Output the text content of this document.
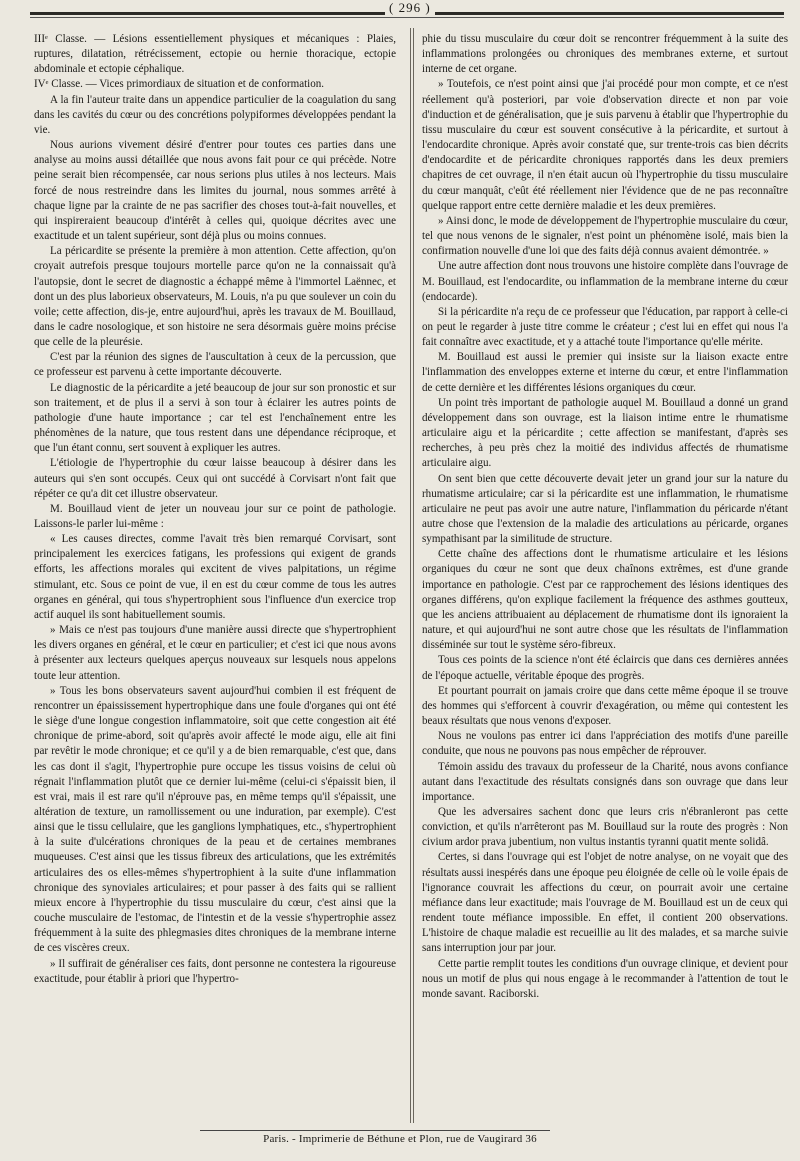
( 296 )

IIIᵉ Classe. — Lésions essentiellement physiques et mécaniques : Plaies, ruptures, dilatation, rétrécissement, ectopie ou hernie thoracique, ectopie abdominale et ectopie céphalique.

IVᵉ Classe. — Vices primordiaux de situation et de conformation.

A la fin l'auteur traite dans un appendice particulier de la coagulation du sang dans les cavités du cœur ou des concrétions polypiformes développées pendant la vie.

Nous aurions vivement désiré d'entrer pour toutes ces parties dans une analyse au moins aussi détaillée que nous avons fait pour ce qui précède. Notre peine serait bien récompensée, car nous serions plus utiles à nos lecteurs. Mais forcé de nous restreindre dans les limites du journal, nous sommes arrêté à chaque ligne par la crainte de ne pas sacrifier des choses tout-à-fait nouvelles, et qui inspireraient beaucoup d'intérêt à celles qui, quoique décrites avec une exactitude et un talent supérieur, sont déjà plus ou moins connues.

La péricardite se présente la première à mon attention. Cette affection, qu'on croyait autrefois presque toujours mortelle parce qu'on ne la connaissait qu'à l'autopsie, dont le secret de diagnostic a échappé même à l'immortel Laënnec, et dont un des plus laborieux observateurs, M. Louis, n'a pu que soulever un coin du voile; cette affection, dis-je, entre aujourd'hui, après les travaux de M. Bouillaud, dans le cadre nosologique, et son histoire ne sera désormais guère moins précise que celle de la pleurésie.

C'est par la réunion des signes de l'auscultation à ceux de la percussion, que ce professeur est parvenu à cette importante découverte.

Le diagnostic de la péricardite a jeté beaucoup de jour sur son pronostic et sur son traitement, et de plus il a servi à son tour à éclairer les autres points de pathologie d'une haute importance ; car tel est l'enchaînement entre les phénomènes de la nature, que tous restent dans une dépendance réciproque, et que l'un étant connu, sert souvent à expliquer les autres.

L'étiologie de l'hypertrophie du cœur laisse beaucoup à désirer dans les auteurs qui s'en sont occupés. Ceux qui ont succédé à Corvisart n'ont fait que répéter ce qu'a dit cet illustre observateur.

M. Bouillaud vient de jeter un nouveau jour sur ce point de pathologie. Laissons-le parler lui-même :

« Les causes directes, comme l'avait très bien remarqué Corvisart, sont principalement les exercices fatigans, les professions qui exigent de grands efforts, les affections morales qui excitent de vives palpitations, un régime stimulant, etc. Sous ce point de vue, il en est du cœur comme de tous les autres organes en général, qui tous s'hypertrophient sous l'influence d'un exercice trop actif auquel ils sont habituellement soumis.

» Mais ce n'est pas toujours d'une manière aussi directe que s'hypertrophient les divers organes en général, et le cœur en particulier; et c'est ici que nous avons à présenter aux lecteurs quelques aperçus nouveaux sur lesquels nous appelons toute leur attention.

» Tous les bons observateurs savent aujourd'hui combien il est fréquent de rencontrer un épaississement hypertrophique dans une foule d'organes qui ont été le siège d'une longue congestion inflammatoire, soit que cette congestion ait été chronique de prime-abord, soit qu'après avoir affecté le mode aigu, elle ait fini par revêtir le mode chronique; et ce qu'il y a de bien remarquable, c'est que, dans les cas dont il s'agit, l'hypertrophie pure occupe les tissus voisins de celui où régnait l'inflammation plutôt que ce dernier lui-même (celui-ci s'épaissit bien, il est vrai, mais il est rare qu'il n'éprouve pas, en même temps qu'il s'épaissit, une altération de texture, un ramollissement ou une induration, par exemple). C'est ainsi que le tissu cellulaire, que les ganglions lymphatiques, etc., s'hypertrophient à la suite d'ulcérations chroniques de la peau et de certaines membranes muqueuses. C'est ainsi que les tissus fibreux des articulations, que les extrémités articulaires des os elles-mêmes s'hypertrophient à la suite d'une inflammation chronique des synoviales articulaires; et pour passer à des faits qui se rallient mieux encore à l'hypertrophie du tissu musculaire du cœur, c'est ainsi que la couche musculaire de l'estomac, de l'intestin et de la vessie s'hypertrophie assez fréquemment à la suite des phlegmasies dites chroniques de la membrane interne de ces viscères creux.

» Il suffirait de généraliser ces faits, dont personne ne contestera la rigoureuse exactitude, pour établir à priori que l'hypertro-

phie du tissu musculaire du cœur doit se rencontrer fréquemment à la suite des inflammations prolongées ou chroniques des membranes externe, et surtout interne de cet organe.

» Toutefois, ce n'est point ainsi que j'ai procédé pour mon compte, et ce n'est réellement qu'à posteriori, par voie d'observation directe et non par voie d'induction et de généralisation, que je suis parvenu à établir que l'hypertrophie du tissu musculaire du cœur est souvent consécutive à la péricardite, et surtout à l'endocardite chronique. Après avoir constaté que, sur trente-trois cas bien décrits d'endocardite et de péricardite chroniques rapportés dans les deux premiers chapitres de cet ouvrage, il n'en était aucun où l'hypertrophie du tissu musculaire du cœur manquât, c'eût été réellement nier l'évidence que de ne pas reconnaître quelque rapport entre cette dernière maladie et les deux premières.

» Ainsi donc, le mode de développement de l'hypertrophie musculaire du cœur, tel que nous venons de le signaler, n'est point un phénomène isolé, mais bien la confirmation nouvelle d'une loi que des faits déjà connus avaient démontrée. »

Une autre affection dont nous trouvons une histoire complète dans l'ouvrage de M. Bouillaud, est l'endocardite, ou inflammation de la membrane interne du cœur (endocarde).

Si la péricardite n'a reçu de ce professeur que l'éducation, par rapport à celle-ci on peut le regarder à juste titre comme le créateur ; c'est lui en effet qui nous l'a fait connaître avec exactitude, et y a attaché toute l'importance qu'elle mérite.

M. Bouillaud est aussi le premier qui insiste sur la liaison exacte entre l'inflammation des enveloppes externe et interne du cœur, et entre l'inflammation de cette dernière et les différentes lésions organiques du cœur.

Un point très important de pathologie auquel M. Bouillaud a donné un grand développement dans son ouvrage, est la liaison intime entre le rhumatisme articulaire aigu et la péricardite ; cette affection se manifestant, d'après ses recherches, à peu près chez la moitié des individus affectés de rhumatisme articulaire aigu.

On sent bien que cette découverte devait jeter un grand jour sur la nature du rhumatisme articulaire; car si la péricardite est une inflammation, le rhumatisme articulaire ne peut pas avoir une autre nature, l'inflammation du péricarde n'étant autre chose que l'extension de la maladie des articulations au péricarde, organes sympathisant par la similitude de structure.

Cette chaîne des affections dont le rhumatisme articulaire et les lésions organiques du cœur ne sont que deux chaînons extrêmes, est d'une grande importance en pathologie. C'est par ce rapprochement des lésions identiques des organes différens, qu'on explique facilement la fréquence des asthmes goutteux, que les anciens attribuaient au déplacement de rhumatisme dont ils ignoraient la nature, et qui aujourd'hui ne sont autre chose que les résultats de l'inflammation disséminée sur tout le système séro-fibreux.

Tous ces points de la science n'ont été éclaircis que dans ces dernières années de l'époque actuelle, véritable époque des progrès.

Et pourtant pourrait on jamais croire que dans cette même époque il se trouve des hommes qui s'efforcent à couvrir d'exagération, ou même qui contestent les beaux résultats que nous venons d'exposer.

Nous ne voulons pas entrer ici dans l'appréciation des motifs d'une pareille conduite, que nous ne pouvons pas nous empêcher de réprouver.

Témoin assidu des travaux du professeur de la Charité, nous avons confiance autant dans l'exactitude des résultats consignés dans son ouvrage que dans leur importance.

Que les adversaires sachent donc que leurs cris n'ébranleront pas cette conviction, et qu'ils n'arrêteront pas M. Bouillaud sur la route des progrès : Non civium ardor prava jubentium, non vultus instantis tyranni quatit mente solidâ.

Certes, si dans l'ouvrage qui est l'objet de notre analyse, on ne voyait que des résultats aussi inespérés dans une époque peu éloignée de celle où le voile épais de l'ignorance couvrait les affections du cœur, on pourrait avoir une certaine méfiance dans leur exactitude; mais l'ouvrage de M. Bouillaud est un de ceux qui rendent toute méfiance impossible. En effet, il contient 200 observations. L'histoire de chaque maladie est recueillie au lit des malades, et sa marche suivie sans interruption jour par jour.

Cette partie remplit toutes les conditions d'un ouvrage clinique, et devient pour nous un motif de plus qui nous engage à le recommander à l'attention de tout le monde savant. Raciborski.

Paris. - Imprimerie de Béthune et Plon, rue de Vaugirard 36
